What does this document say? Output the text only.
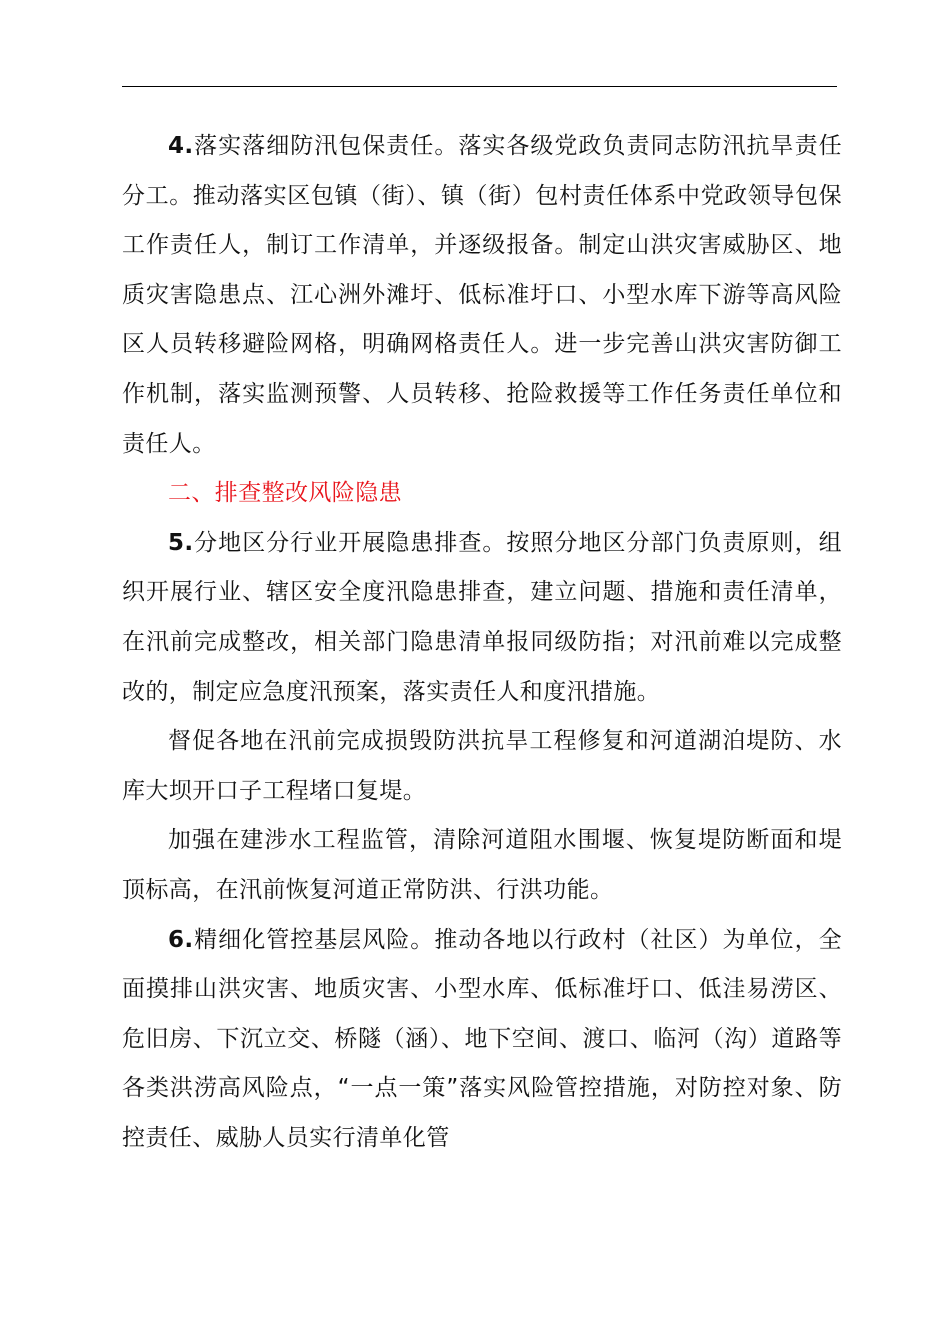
4.落实落细防汛包保责任。落实各级党政负责同志防汛抗旱责任分工。推动落实区包镇（街）、镇（街）包村责任体系中党政领导包保工作责任人，制订工作清单，并逐级报备。制定山洪灾害威胁区、地质灾害隐患点、江心洲外滩圩、低标准圩口、小型水库下游等高风险区人员转移避险网格，明确网格责任人。进一步完善山洪灾害防御工作机制，落实监测预警、人员转移、抢险救援等工作任务责任单位和责任人。

二、排查整改风险隐患

5.分地区分行业开展隐患排查。按照分地区分部门负责原则，组织开展行业、辖区安全度汛隐患排查，建立问题、措施和责任清单，在汛前完成整改，相关部门隐患清单报同级防指；对汛前难以完成整改的，制定应急度汛预案，落实责任人和度汛措施。

督促各地在汛前完成损毁防洪抗旱工程修复和河道湖泊堤防、水库大坝开口子工程堵口复堤。

加强在建涉水工程监管，清除河道阻水围堰、恢复堤防断面和堤顶标高，在汛前恢复河道正常防洪、行洪功能。

6.精细化管控基层风险。推动各地以行政村（社区）为单位，全面摸排山洪灾害、地质灾害、小型水库、低标准圩口、低洼易涝区、危旧房、下沉立交、桥隧（涵）、地下空间、渡口、临河（沟）道路等各类洪涝高风险点，“一点一策”落实风险管控措施，对防控对象、防控责任、威胁人员实行清单化管
